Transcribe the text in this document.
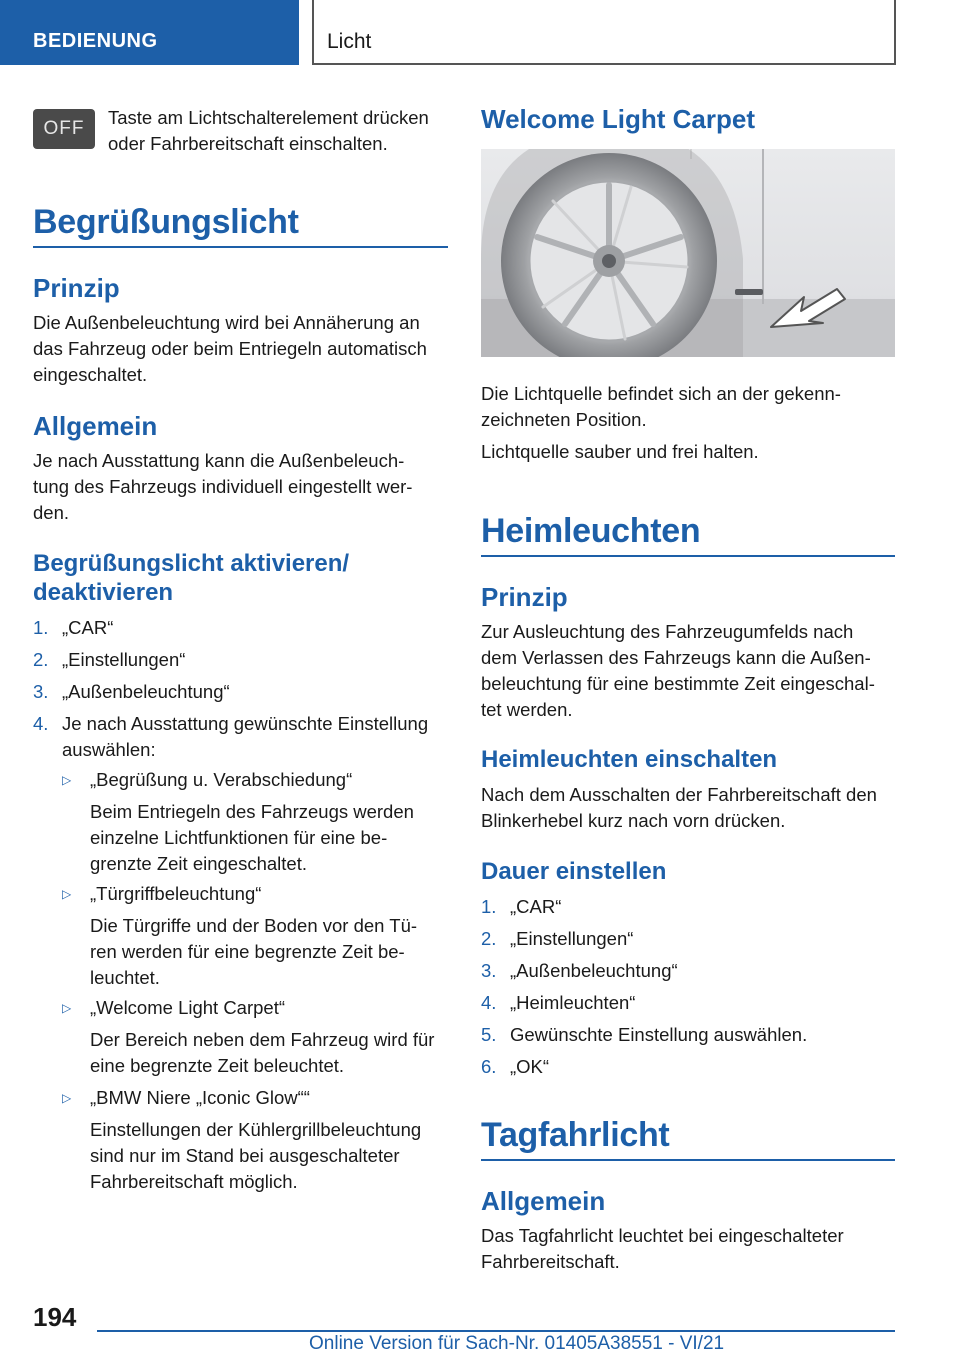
BEDIENUNG	Licht
OFF
Taste am Lichtschalterelement drücken
oder Fahrbereitschaft einschalten.
Begrüßungslicht
Prinzip
Die Außenbeleuchtung wird bei Annäherung an
das Fahrzeug oder beim Entriegeln automatisch
eingeschaltet.
Allgemein
Je nach Ausstattung kann die Außenbeleuch-
tung des Fahrzeugs individuell eingestellt wer-
den.
Begrüßungslicht aktivieren/
deaktivieren
1. „CAR“
2. „Einstellungen“
3. „Außenbeleuchtung“
4. Je nach Ausstattung gewünschte Einstellung
auswählen:
▷ „Begrüßung u. Verabschiedung“
Beim Entriegeln des Fahrzeugs werden
einzelne Lichtfunktionen für eine be-
grenzte Zeit eingeschaltet.
▷ „Türgriffbeleuchtung“
Die Türgriffe und der Boden vor den Tü-
ren werden für eine begrenzte Zeit be-
leuchtet.
▷ „Welcome Light Carpet“
Der Bereich neben dem Fahrzeug wird für
eine begrenzte Zeit beleuchtet.
▷ „BMW Niere „Iconic Glow““
Einstellungen der Kühlergrillbeleuchtung
sind nur im Stand bei ausgeschalteter
Fahrbereitschaft möglich.
Welcome Light Carpet
Die Lichtquelle befindet sich an der gekenn-
zeichneten Position.
Lichtquelle sauber und frei halten.
Heimleuchten
Prinzip
Zur Ausleuchtung des Fahrzeugumfelds nach
dem Verlassen des Fahrzeugs kann die Außen-
beleuchtung für eine bestimmte Zeit eingeschal-
tet werden.
Heimleuchten einschalten
Nach dem Ausschalten der Fahrbereitschaft den
Blinkerhebel kurz nach vorn drücken.
Dauer einstellen
1. „CAR“
2. „Einstellungen“
3. „Außenbeleuchtung“
4. „Heimleuchten“
5. Gewünschte Einstellung auswählen.
6. „OK“
Tagfahrlicht
Allgemein
Das Tagfahrlicht leuchtet bei eingeschalteter
Fahrbereitschaft.
194
Online Version für Sach-Nr. 01405A38551 - VI/21
